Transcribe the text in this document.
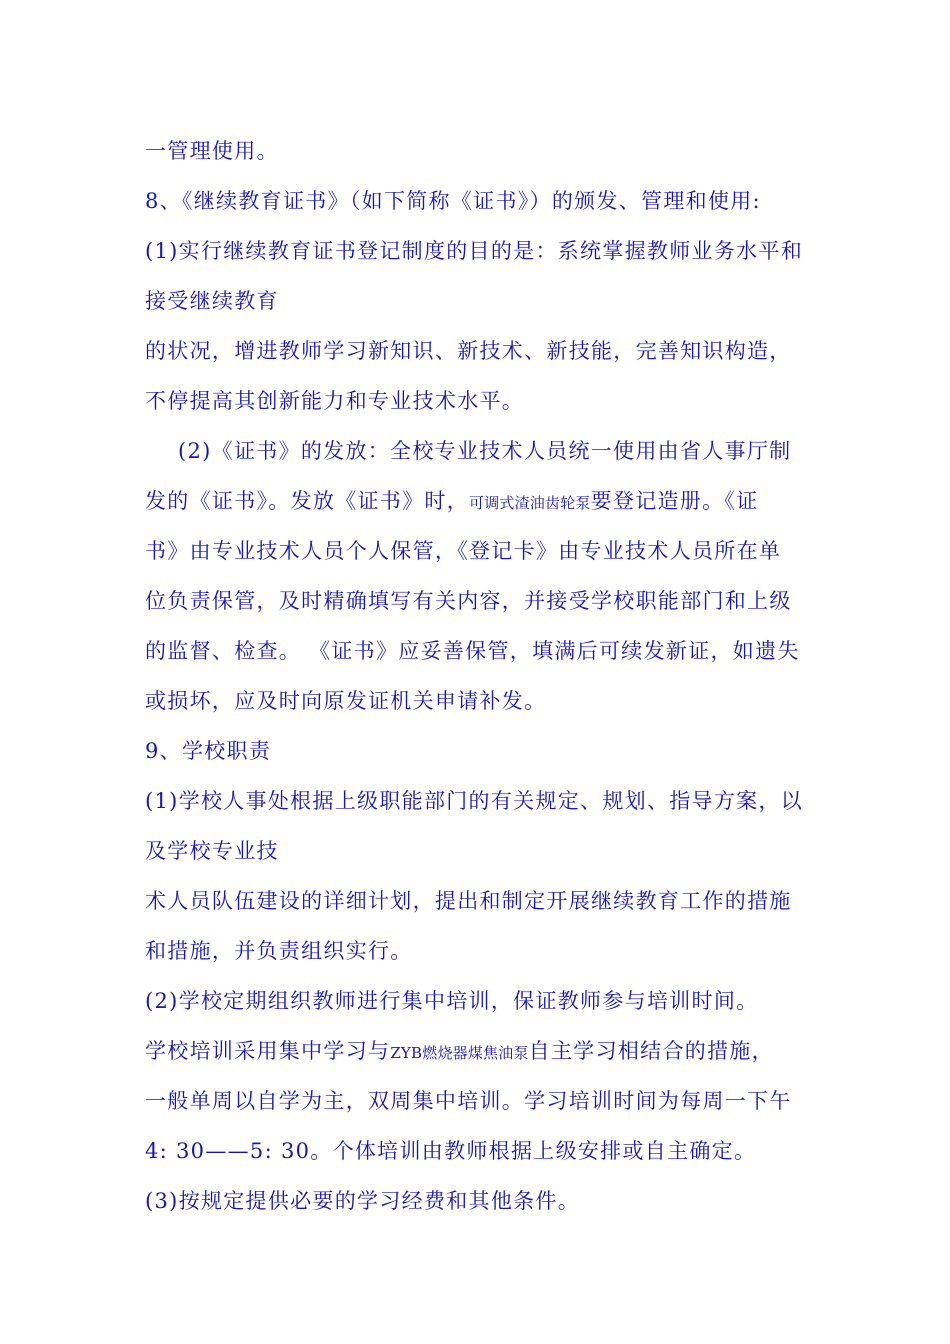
一管理使用。

8、《继续教育证书》（如下简称《证书》）的颁发、管理和使用:

(1)实行继续教育证书登记制度的目的是：系统掌握教师业务水平和

接受继续教育

的状况，增进教师学习新知识、新技术、新技能，完善知识构造，

不停提高其创新能力和专业技术水平。

(2)《证书》的发放：全校专业技术人员统一使用由省人事厅制

发的《证书》。发放《证书》时，可调式渣油齿轮泵要登记造册。《证

书》由专业技术人员个人保管，《登记卡》由专业技术人员所在单

位负责保管，及时精确填写有关内容，并接受学校职能部门和上级

的监督、检查。 《证书》应妥善保管，填满后可续发新证，如遗失

或损坏，应及时向原发证机关申请补发。

9、学校职责

(1)学校人事处根据上级职能部门的有关规定、规划、指导方案，以

及学校专业技

术人员队伍建设的详细计划，提出和制定开展继续教育工作的措施

和措施，并负责组织实行。

(2)学校定期组织教师进行集中培训，保证教师参与培训时间。

学校培训采用集中学习与ZYB燃烧器煤焦油泵自主学习相结合的措施，

一般单周以自学为主，双周集中培训。学习培训时间为每周一下午

4: 30——5: 30。个体培训由教师根据上级安排或自主确定。

(3)按规定提供必要的学习经费和其他条件。
